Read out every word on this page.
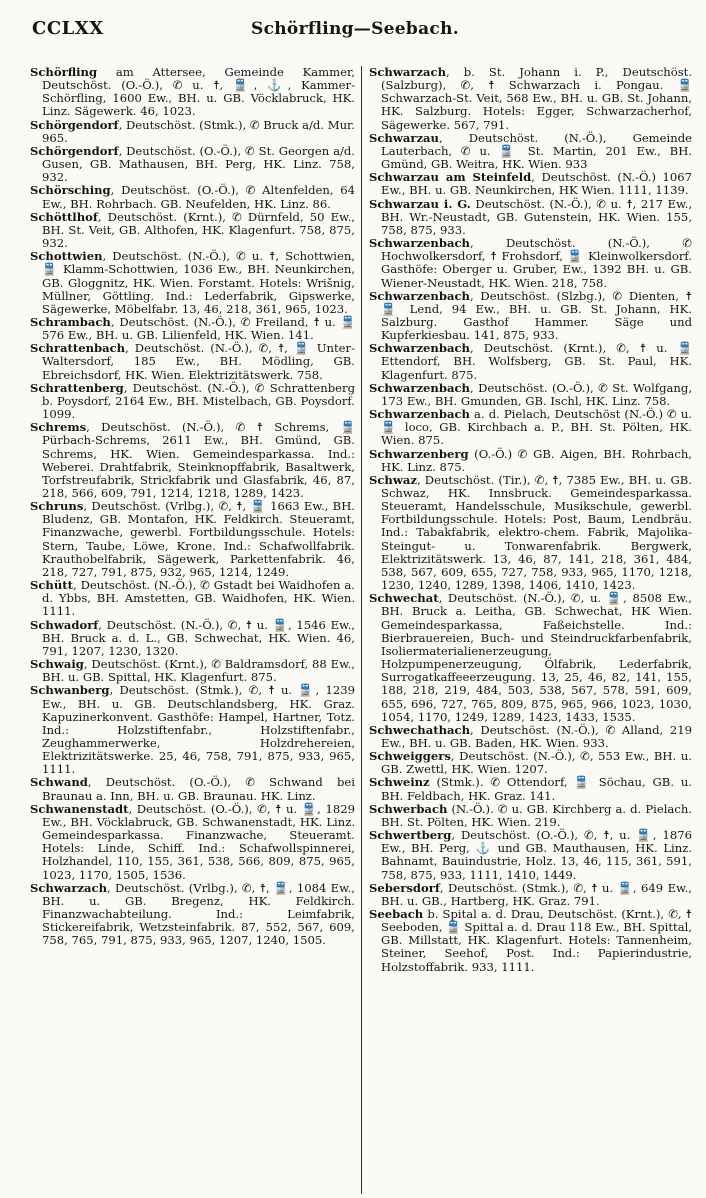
CCLXX	Schörfling—Seebach.

Schörfling am Attersee, Gemeinde Kammer, Deutschöst. (O.-Ö.), ✆ u. ☨, 🚆, ⚓, Kammer-Schörfling, 1600 Ew., BH. u. GB. Vöcklabruck, HK. Linz. Sägewerk. 46, 1023.

Schörgendorf, Deutschöst. (Stmk.), ✆ Bruck a/d. Mur. 965.

Schörgendorf, Deutschöst. (O.-Ö.), ✆ St. Georgen a/d. Gusen, GB. Mathausen, BH. Perg, HK. Linz. 758, 932.

Schörsching, Deutschöst. (O.-Ö.), ✆ Altenfelden, 64 Ew., BH. Rohrbach. GB. Neufelden, HK. Linz. 86.

Schöttlhof, Deutschöst. (Krnt.), ✆ Dürnfeld, 50 Ew., BH. St. Veit, GB. Althofen, HK. Klagenfurt. 758, 875, 932.

Schottwien, Deutschöst. (N.-Ö.), ✆ u. ☨, Schottwien, 🚆 Klamm-Schottwien, 1036 Ew., BH. Neunkirchen, GB. Gloggnitz, HK. Wien. Forstamt. Hotels: Wrišnig, Müllner, Göttling. Ind.: Lederfabrik, Gipswerke, Sägewerke, Möbelfabr. 13, 46, 218, 361, 965, 1023.

Schrambach, Deutschöst. (N.-Ö.), ✆ Freiland, ☨ u. 🚆 576 Ew., BH. u. GB. Lilienfeld, HK. Wien. 141.

Schrattenbach, Deutschöst. (N.-Ö.), ✆, ☨, 🚆 Unter-Waltersdorf, 185 Ew., BH. Mödling, GB. Ebreichsdorf, HK. Wien. Elektrizitätswerk. 758.

Schrattenberg, Deutschöst. (N.-Ö.), ✆ Schrattenberg b. Poysdorf, 2164 Ew., BH. Mistelbach, GB. Poysdorf. 1099.

Schrems, Deutschöst. (N.-Ö.), ✆ ☨ Schrems, 🚆 Pürbach-Schrems, 2611 Ew., BH. Gmünd, GB. Schrems, HK. Wien. Gemeindesparkassa. Ind.: Weberei. Drahtfabrik, Steinknopffabrik, Basaltwerk, Torfstreufabrik, Strickfabrik und Glasfabrik, 46, 87, 218, 566, 609, 791, 1214, 1218, 1289, 1423.

Schruns, Deutschöst. (Vrlbg.), ✆, ☨, 🚆 1663 Ew., BH. Bludenz, GB. Montafon, HK. Feldkirch. Steueramt, Finanzwache, gewerbl. Fortbildungsschule. Hotels: Stern, Taube, Löwe, Krone. Ind.: Schafwollfabrik. Krauthobelfabrik, Sägewerk, Parkettenfabrik. 46, 218, 727, 791, 875, 932, 965, 1214, 1249.

Schütt, Deutschöst. (N.-Ö.), ✆ Gstadt bei Waidhofen a. d. Ybbs, BH. Amstetten, GB. Waidhofen, HK. Wien. 1111.

Schwadorf, Deutschöst. (N.-Ö.), ✆, ☨ u. 🚆, 1546 Ew., BH. Bruck a. d. L., GB. Schwechat, HK. Wien. 46, 791, 1207, 1230, 1320.

Schwaig, Deutschöst. (Krnt.), ✆ Baldramsdorf, 88 Ew., BH. u. GB. Spittal, HK. Klagenfurt. 875.

Schwanberg, Deutschöst. (Stmk.), ✆, ☨ u. 🚆, 1239 Ew., BH. u. GB. Deutschlandsberg, HK. Graz. Kapuzinerkonvent. Gasthöfe: Hampel, Hartner, Totz. Ind.: Holzstiftenfabr., Holzstiftenfabr., Zeughammerwerke, Holzdrehereien, Elektrizitätswerke. 25, 46, 758, 791, 875, 933, 965, 1111.

Schwand, Deutschöst. (O.-Ö.), ✆ Schwand bei Braunau a. Inn, BH. u. GB. Braunau. HK. Linz.

Schwanenstadt, Deutschöst. (O.-Ö.), ✆, ☨ u. 🚆, 1829 Ew., BH. Vöcklabruck, GB. Schwanenstadt, HK. Linz. Gemeindesparkassa. Finanzwache, Steueramt. Hotels: Linde, Schiff. Ind.: Schafwollspinnerei, Holzhandel, 110, 155, 361, 538, 566, 809, 875, 965, 1023, 1170, 1505, 1536.

Schwarzach, Deutschöst. (Vrlbg.), ✆, ☨, 🚆, 1084 Ew., BH. u. GB. Bregenz, HK. Feldkirch. Finanzwachabteilung. Ind.: Leimfabrik, Stickereifabrik, Wetzsteinfabrik. 87, 552, 567, 609, 758, 765, 791, 875, 933, 965, 1207, 1240, 1505.

Schwarzach, b. St. Johann i. P., Deutschöst. (Salzburg), ✆, ☨ Schwarzach i. Pongau. 🚆 Schwarzach-St. Veit, 568 Ew., BH. u. GB. St. Johann, HK. Salzburg. Hotels: Egger, Schwarzacherhof, Sägewerke. 567, 791.

Schwarzau, Deutschöst. (N.-Ö.), Gemeinde Lauterbach, ✆ u. 🚆 St. Martin, 201 Ew., BH. Gmünd, GB. Weitra, HK. Wien. 933

Schwarzau am Steinfeld, Deutschöst. (N.-Ö.) 1067 Ew., BH. u. GB. Neunkirchen, HK Wien. 1111, 1139.

Schwarzau i. G. Deutschöst. (N.-Ö.), ✆ u. ☨, 217 Ew., BH. Wr.-Neustadt, GB. Gutenstein, HK. Wien. 155, 758, 875, 933.

Schwarzenbach, Deutschöst. (N.-Ö.), ✆ Hochwolkersdorf, ☨ Frohsdorf, 🚆 Kleinwolkersdorf. Gasthöfe: Oberger u. Gruber, Ew., 1392 BH. u. GB. Wiener-Neustadt, HK. Wien. 218, 758.

Schwarzenbach, Deutschöst. (Slzbg.), ✆ Dienten, ☨ 🚆 Lend, 94 Ew., BH. u. GB. St. Johann, HK. Salzburg. Gasthof Hammer. Säge und Kupferkiesbau. 141, 875, 933.

Schwarzenbach, Deutschöst. (Krnt.), ✆, ☨ u. 🚆 Ettendorf, BH. Wolfsberg, GB. St. Paul, HK. Klagenfurt. 875.

Schwarzenbach, Deutschöst. (O.-Ö.), ✆ St. Wolfgang, 173 Ew., BH. Gmunden, GB. Ischl, HK. Linz. 758.

Schwarzenbach a. d. Pielach, Deutschöst (N.-Ö.) ✆ u. 🚆 loco, GB. Kirchbach a. P., BH. St. Pölten, HK. Wien. 875.

Schwarzenberg (O.-Ö.) ✆ GB. Aigen, BH. Rohrbach, HK. Linz. 875.

Schwaz, Deutschöst. (Tir.), ✆, ☨, 7385 Ew., BH. u. GB. Schwaz, HK. Innsbruck. Gemeindesparkassa. Steueramt, Handelsschule, Musikschule, gewerbl. Fortbildungsschule. Hotels: Post, Baum, Lendbräu. Ind.: Tabakfabrik, elektro-chem. Fabrik, Majolika-Steingut- u. Tonwarenfabrik. Bergwerk, Elektrizitätswerk. 13, 46, 87, 141, 218, 361, 484, 538, 567, 609, 655, 727, 758, 933, 965, 1170, 1218, 1230, 1240, 1289, 1398, 1406, 1410, 1423.

Schwechat, Deutschöst. (N.-Ö.), ✆, u. 🚆, 8508 Ew., BH. Bruck a. Leitha, GB. Schwechat, HK Wien. Gemeindesparkassa, Faßeichstelle. Ind.: Bierbrauereien, Buch- und Steindruckfarbenfabrik, Isoliermaterialienerzeugung, Holzpumpenerzeugung, Ölfabrik, Lederfabrik, Surrogatkaffeeerzeugung. 13, 25, 46, 82, 141, 155, 188, 218, 219, 484, 503, 538, 567, 578, 591, 609, 655, 696, 727, 765, 809, 875, 965, 966, 1023, 1030, 1054, 1170, 1249, 1289, 1423, 1433, 1535.

Schwechathach, Deutschöst. (N.-Ö.), ✆ Alland, 219 Ew., BH. u. GB. Baden, HK. Wien. 933.

Schweiggers, Deutschöst. (N.-Ö.), ✆, 553 Ew., BH. u. GB. Zwettl, HK. Wien. 1207.

Schweinz (Stmk.). ✆ Ottendorf, 🚆 Söchau, GB. u. BH. Feldbach, HK. Graz. 141.

Schwerbach (N.-Ö.). ✆ u. GB. Kirchberg a. d. Pielach. BH. St. Pölten, HK. Wien. 219.

Schwertberg, Deutschöst. (O.-Ö.), ✆, ☨, u. 🚆, 1876 Ew., BH. Perg, ⚓ und GB. Mauthausen, HK. Linz. Bahnamt, Bauindustrie, Holz. 13, 46, 115, 361, 591, 758, 875, 933, 1111, 1410, 1449.

Sebersdorf, Deutschöst. (Stmk.), ✆, ☨ u. 🚆, 649 Ew., BH. u. GB., Hartberg, HK. Graz. 791.

Seebach b. Spital a. d. Drau, Deutschöst. (Krnt.), ✆, ☨ Seeboden, 🚆 Spittal a. d. Drau 118 Ew., BH. Spittal, GB. Millstatt, HK. Klagenfurt. Hotels: Tannenheim, Steiner, Seehof, Post. Ind.: Papierindustrie, Holzstoffabrik. 933, 1111.
